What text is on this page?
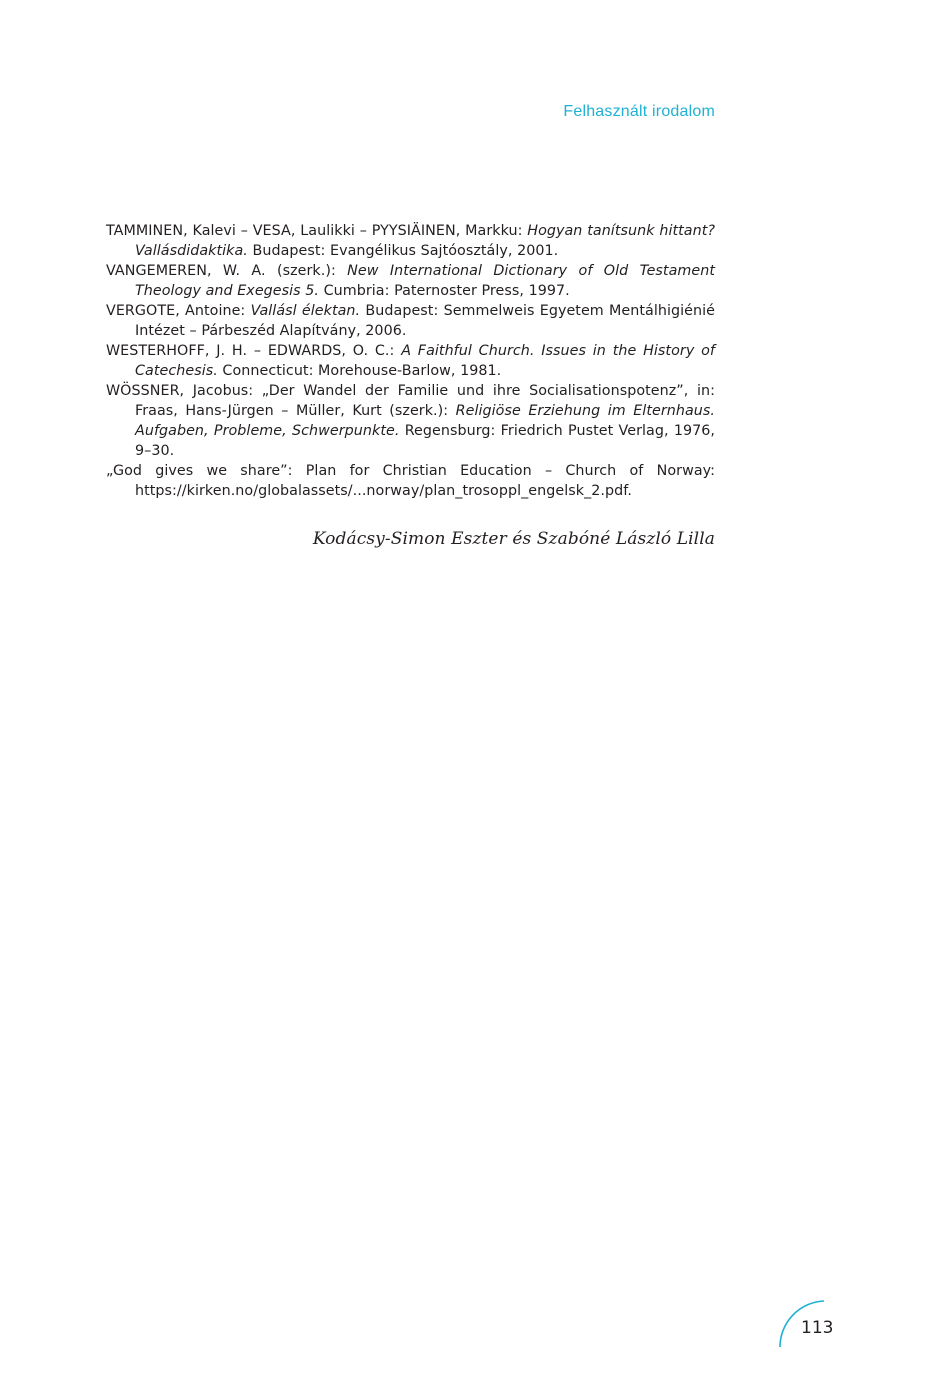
Felhasznált irodalom

TAMMINEN, Kalevi – VESA, Laulikki – PYYSIÄINEN, Markku: Hogyan tanítsunk hittant? Vallásdidaktika. Budapest: Evangélikus Sajtóosztály, 2001.

VANGEMEREN, W. A. (szerk.): New International Dictionary of Old Testament Theology and Exegesis 5. Cumbria: Paternoster Press, 1997.

VERGOTE, Antoine: Vallásl élektan. Budapest: Semmelweis Egyetem Mentálhigiénié Intézet – Párbeszéd Alapítvány, 2006.

WESTERHOFF, J. H. – EDWARDS, O. C.: A Faithful Church. Issues in the History of Catechesis. Connecticut: Morehouse-Barlow, 1981.

WÖSSNER, Jacobus: „Der Wandel der Familie und ihre Socialisationspotenz”, in: Fraas, Hans-Jürgen – Müller, Kurt (szerk.): Religiöse Erziehung im Elternhaus. Aufgaben, Probleme, Schwerpunkte. Regensburg: Friedrich Pustet Verlag, 1976, 9–30.

„God gives we share”: Plan for Christian Education – Church of Norway: https://kirken.no/globalassets/...norway/plan_trosoppl_engelsk_2.pdf.

Kodácsy-Simon Eszter és Szabóné László Lilla
113
